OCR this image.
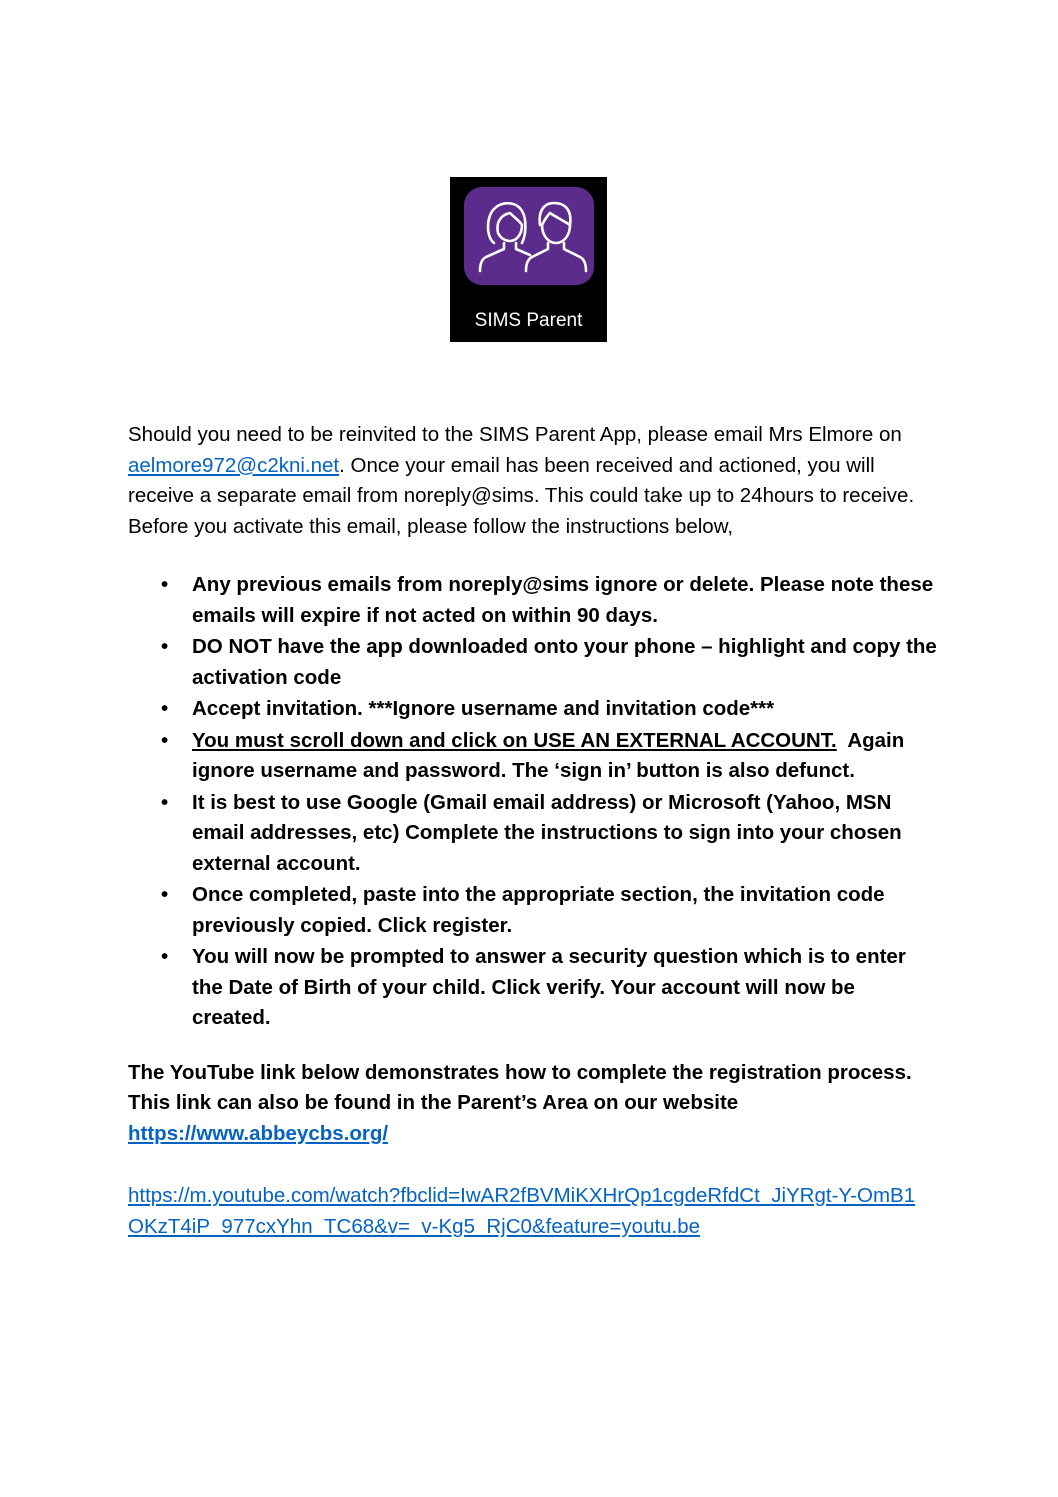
SIMS Parent

Should you need to be reinvited to the SIMS Parent App, please email Mrs Elmore on aelmore972@c2kni.net. Once your email has been received and actioned, you will receive a separate email from noreply@sims. This could take up to 24hours to receive. Before you activate this email, please follow the instructions below,

• Any previous emails from noreply@sims ignore or delete. Please note these emails will expire if not acted on within 90 days.
• DO NOT have the app downloaded onto your phone – highlight and copy the activation code
• Accept invitation. ***Ignore username and invitation code***
• You must scroll down and click on USE AN EXTERNAL ACCOUNT.  Again ignore username and password. The ‘sign in’ button is also defunct.
• It is best to use Google (Gmail email address) or Microsoft (Yahoo, MSN email addresses, etc) Complete the instructions to sign into your chosen external account.
• Once completed, paste into the appropriate section, the invitation code previously copied. Click register.
• You will now be prompted to answer a security question which is to enter the Date of Birth of your child. Click verify. Your account will now be created.

The YouTube link below demonstrates how to complete the registration process. This link can also be found in the Parent’s Area on our website https://www.abbeycbs.org/

https://m.youtube.com/watch?fbclid=IwAR2fBVMiKXHrQp1cgdeRfdCt_JiYRgt-Y-OmB1OKzT4iP_977cxYhn_TC68&v=_v-Kg5_RjC0&feature=youtu.be
